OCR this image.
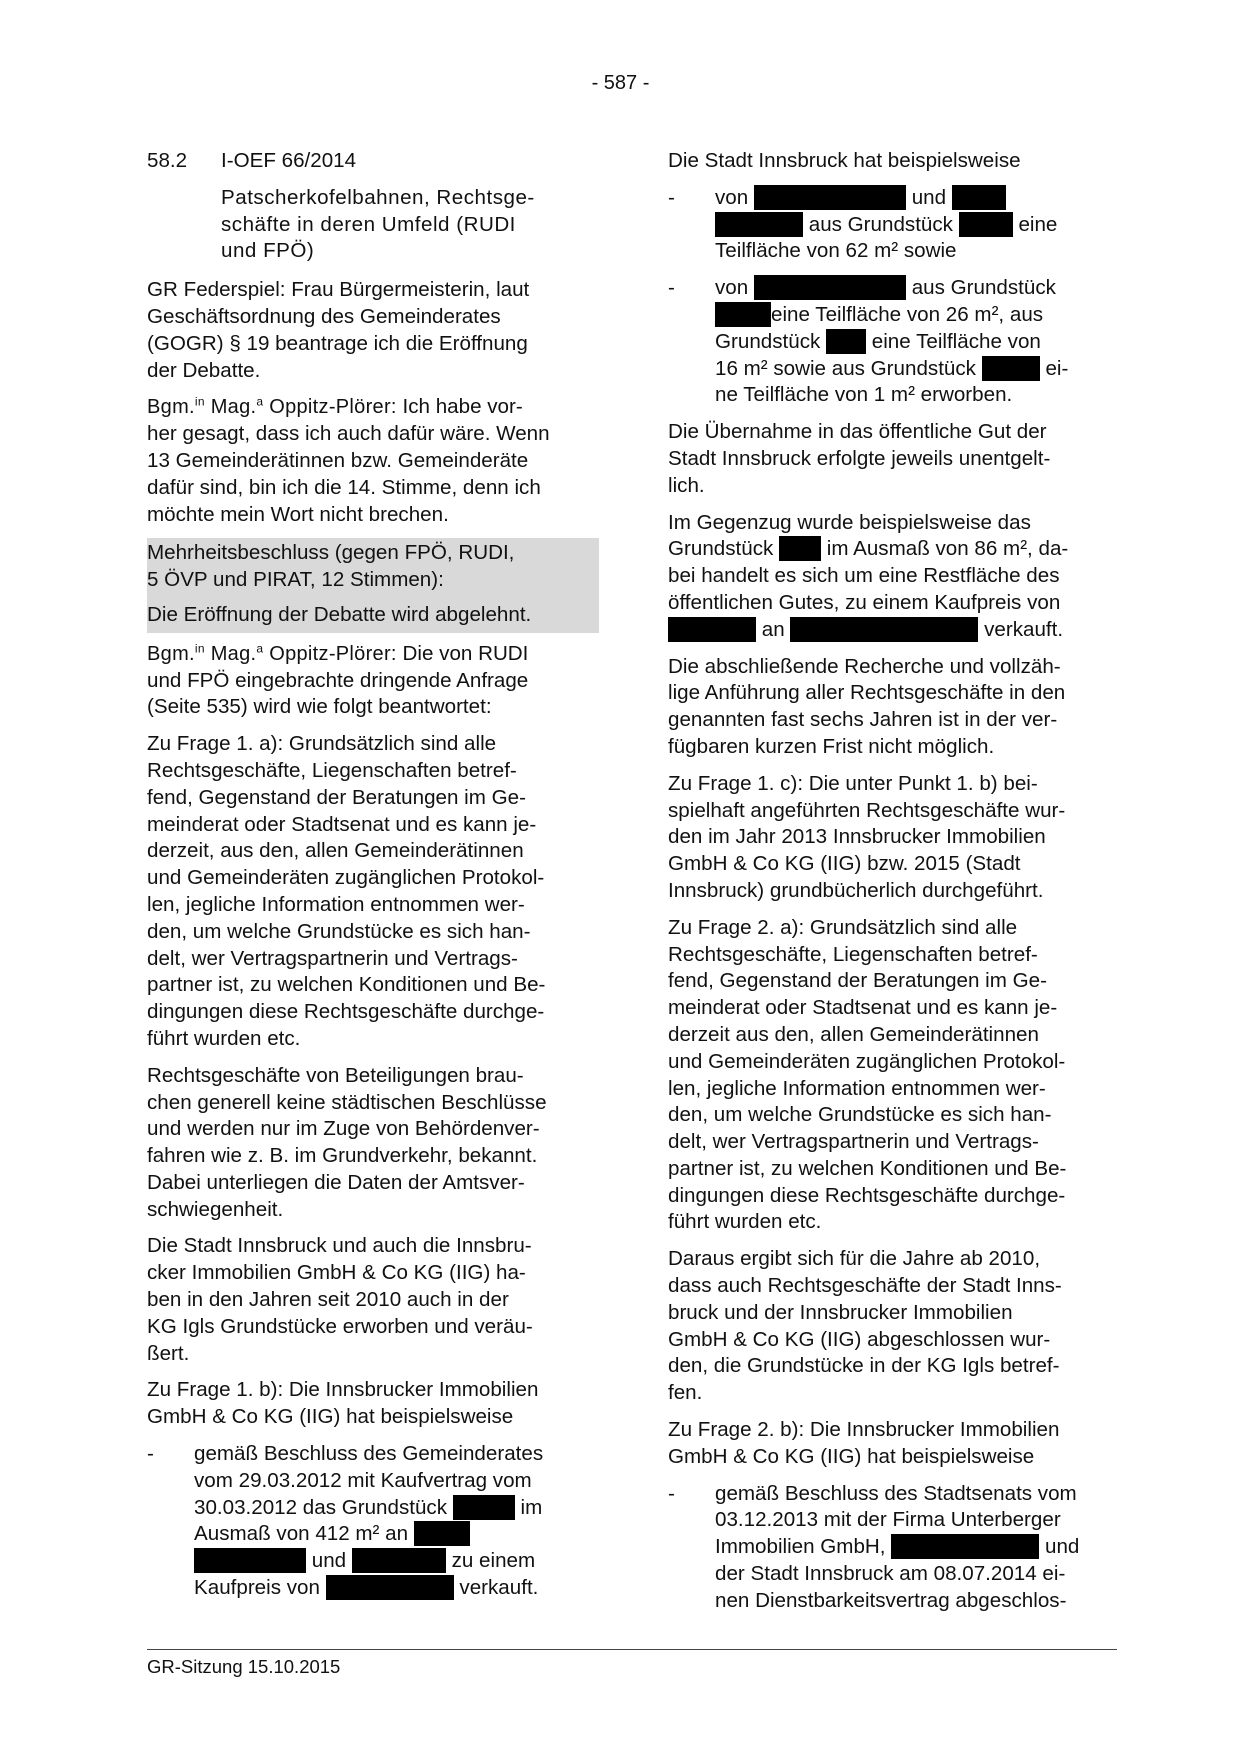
- 587 -
58.2	I-OEF 66/2014
Patscherkofelbahnen, Rechtsge-
schäfte in deren Umfeld (RUDI
und FPÖ)
GR Federspiel: Frau Bürgermeisterin, laut
Geschäftsordnung des Gemeinderates
(GOGR) § 19 beantrage ich die Eröffnung
der Debatte.
Bgm.$^{in}$ Mag.$^a$ Oppitz-Plörer: Ich habe vor-
her gesagt, dass ich auch dafür wäre. Wenn
13 Gemeinderätinnen bzw. Gemeinderäte
dafür sind, bin ich die 14. Stimme, denn ich
möchte mein Wort nicht brechen.
Mehrheitsbeschluss (gegen FPÖ, RUDI,
5 ÖVP und PIRAT, 12 Stimmen):
Die Eröffnung der Debatte wird abgelehnt.
Bgm.$^{in}$ Mag.$^a$ Oppitz-Plörer: Die von RUDI
und FPÖ eingebrachte dringende Anfrage
(Seite 535) wird wie folgt beantwortet:
Zu Frage 1. a): Grundsätzlich sind alle
Rechtsgeschäfte, Liegenschaften betref-
fend, Gegenstand der Beratungen im Ge-
meinderat oder Stadtsenat und es kann je-
derzeit, aus den, allen Gemeinderätinnen
und Gemeinderäten zugänglichen Protokol-
len, jegliche Information entnommen wer-
den, um welche Grundstücke es sich han-
delt, wer Vertragspartnerin und Vertrags-
partner ist, zu welchen Konditionen und Be-
dingungen diese Rechtsgeschäfte durchge-
führt wurden etc.
Rechtsgeschäfte von Beteiligungen brau-
chen generell keine städtischen Beschlüsse
und werden nur im Zuge von Behördenver-
fahren wie z. B. im Grundverkehr, bekannt.
Dabei unterliegen die Daten der Amtsver-
schwiegenheit.
Die Stadt Innsbruck und auch die Innsbru-
cker Immobilien GmbH & Co KG (IIG) ha-
ben in den Jahren seit 2010 auch in der
KG Igls Grundstücke erworben und veräu-
ßert.
Zu Frage 1. b): Die Innsbrucker Immobilien
GmbH & Co KG (IIG) hat beispielsweise
-	gemäß Beschluss des Gemeinderates
vom 29.03.2012 mit Kaufvertrag vom
30.03.2012 das Grundstück	im
Ausmaß von 412 m² an
und	zu einem
Kaufpreis von	verkauft.
Die Stadt Innsbruck hat beispielsweise
-	von	und
aus Grundstück	eine
Teilfläche von 62 m² sowie
-	von	aus Grundstück
eine Teilfläche von 26 m², aus
Grundstück eine Teilfläche von
16 m² sowie aus Grundstück	ei-
ne Teilfläche von 1 m² erworben.
Die Übernahme in das öffentliche Gut der
Stadt Innsbruck erfolgte jeweils unentgelt-
lich.
Im Gegenzug wurde beispielsweise das
Grundstück	im Ausmaß von 86 m², da-
bei handelt es sich um eine Restfläche des
öffentlichen Gutes, zu einem Kaufpreis von
an	verkauft.
Die abschließende Recherche und vollzäh-
lige Anführung aller Rechtsgeschäfte in den
genannten fast sechs Jahren ist in der ver-
fügbaren kurzen Frist nicht möglich.
Zu Frage 1. c): Die unter Punkt 1. b) bei-
spielhaft angeführten Rechtsgeschäfte wur-
den im Jahr 2013 Innsbrucker Immobilien
GmbH & Co KG (IIG) bzw. 2015 (Stadt
Innsbruck) grundbücherlich durchgeführt.
Zu Frage 2. a): Grundsätzlich sind alle
Rechtsgeschäfte, Liegenschaften betref-
fend, Gegenstand der Beratungen im Ge-
meinderat oder Stadtsenat und es kann je-
derzeit aus den, allen Gemeinderätinnen
und Gemeinderäten zugänglichen Protokol-
len, jegliche Information entnommen wer-
den, um welche Grundstücke es sich han-
delt, wer Vertragspartnerin und Vertrags-
partner ist, zu welchen Konditionen und Be-
dingungen diese Rechtsgeschäfte durchge-
führt wurden etc.
Daraus ergibt sich für die Jahre ab 2010,
dass auch Rechtsgeschäfte der Stadt Inns-
bruck und der Innsbrucker Immobilien
GmbH & Co KG (IIG) abgeschlossen wur-
den, die Grundstücke in der KG Igls betref-
fen.
Zu Frage 2. b): Die Innsbrucker Immobilien
GmbH & Co KG (IIG) hat beispielsweise
-	gemäß Beschluss des Stadtsenats vom
03.12.2013 mit der Firma Unterberger
Immobilien GmbH,	und
der Stadt Innsbruck am 08.07.2014 ei-
nen Dienstbarkeitsvertrag abgeschlos-
GR-Sitzung 15.10.2015
